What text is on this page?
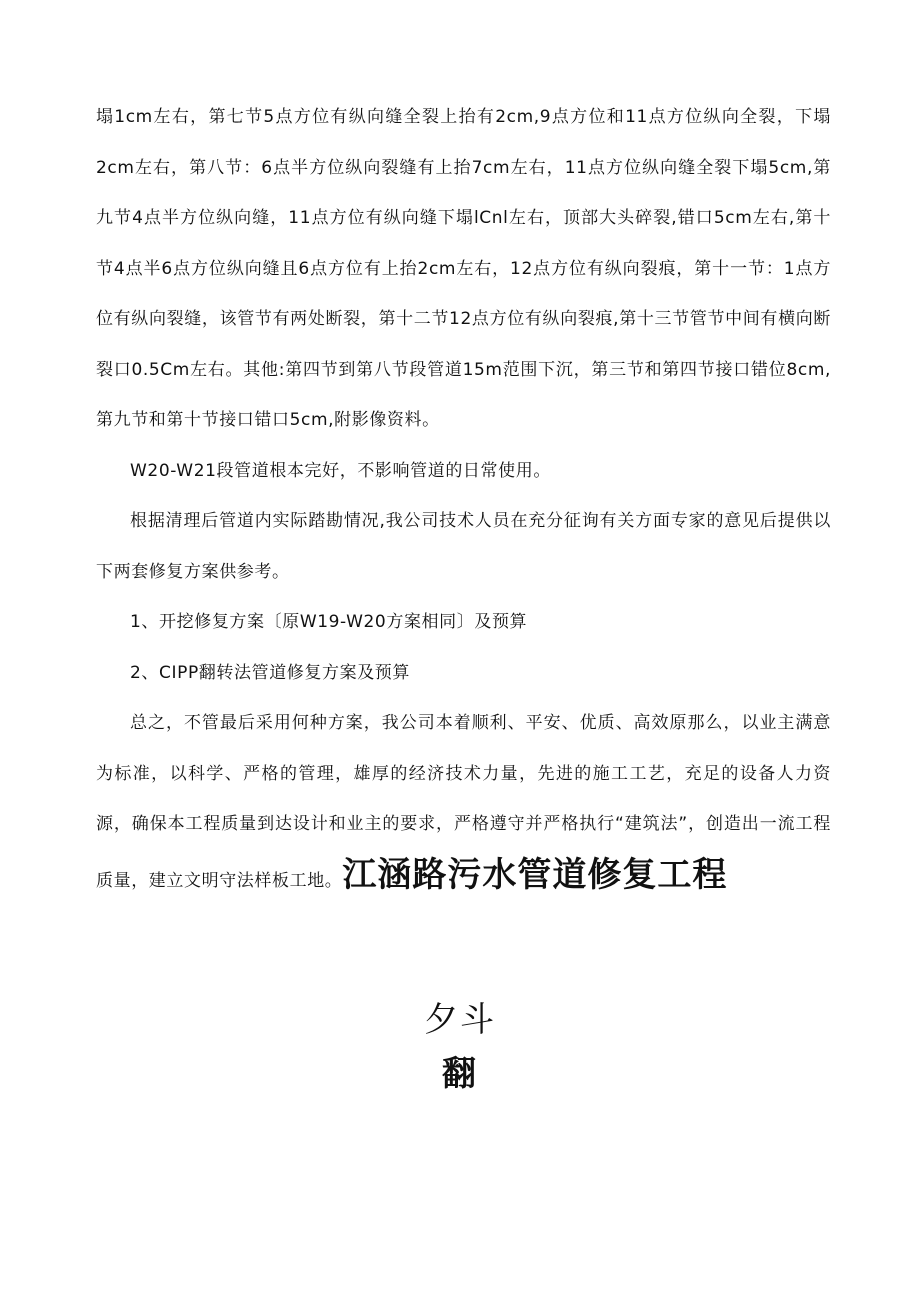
塌1cm左右，第七节5点方位有纵向缝全裂上抬有2cm,9点方位和11点方位纵向全裂，下塌2cm左右，第八节：6点半方位纵向裂缝有上抬7cm左右，11点方位纵向缝全裂下塌5cm,第九节4点半方位纵向缝，11点方位有纵向缝下塌lCnl左右，顶部大头碎裂,错口5cm左右,第十节4点半6点方位纵向缝且6点方位有上抬2cm左右，12点方位有纵向裂痕，第十一节：1点方位有纵向裂缝，该管节有两处断裂，第十二节12点方位有纵向裂痕,第十三节管节中间有横向断裂口0.5Cm左右。其他:第四节到第八节段管道15m范围下沉，第三节和第四节接口错位8cm,第九节和第十节接口错口5cm,附影像资料。

W20-W21段管道根本完好，不影响管道的日常使用。

根据清理后管道内实际踏勘情况,我公司技术人员在充分征询有关方面专家的意见后提供以下两套修复方案供参考。

1、开挖修复方案〔原W19-W20方案相同〕及预算

2、CIPP翻转法管道修复方案及预算

总之，不管最后采用何种方案，我公司本着顺利、平安、优质、高效原那么，以业主满意为标准，以科学、严格的管理，雄厚的经济技术力量，先进的施工工艺，充足的设备人力资源，确保本工程质量到达设计和业主的要求，严格遵守并严格执行“建筑法”，创造出一流工程质量，建立文明守法样板工地。江涵路污水管道修复工程

夕斗
翻
